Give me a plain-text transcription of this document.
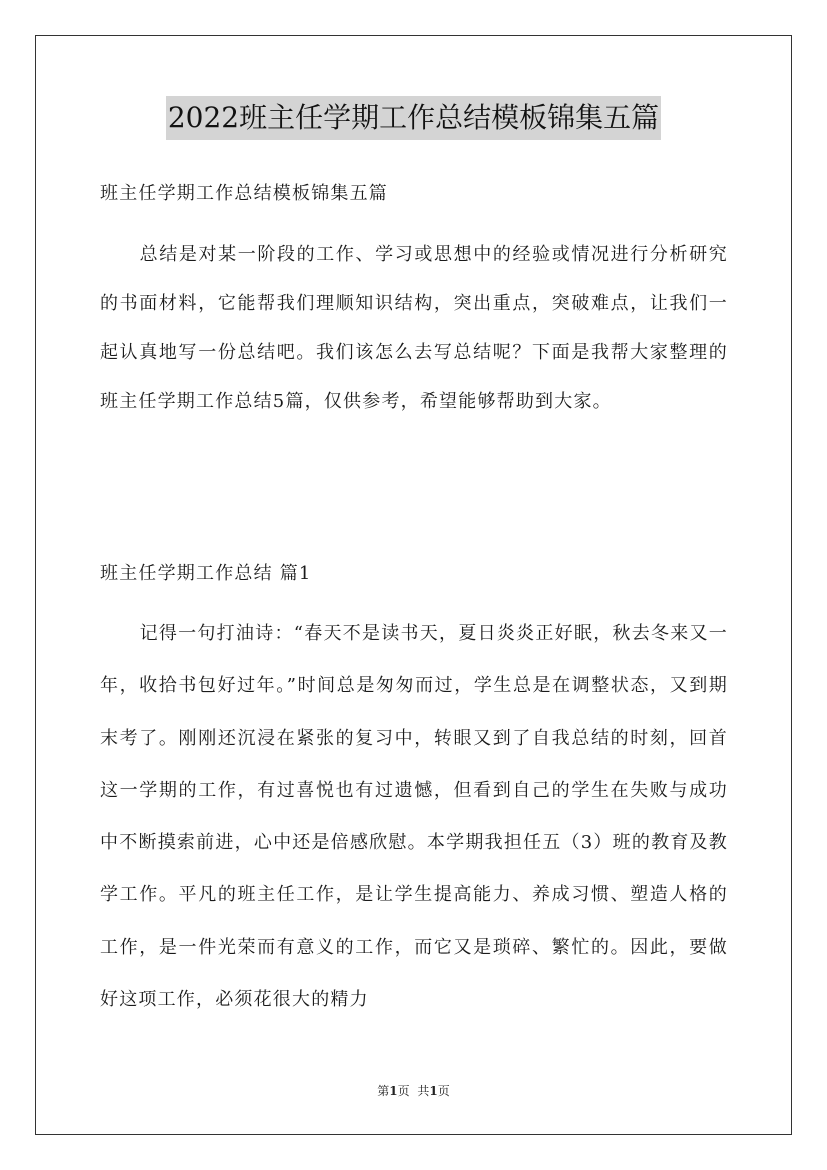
2022班主任学期工作总结模板锦集五篇
班主任学期工作总结模板锦集五篇
总结是对某一阶段的工作、学习或思想中的经验或情况进行分析研究的书面材料，它能帮我们理顺知识结构，突出重点，突破难点，让我们一起认真地写一份总结吧。我们该怎么去写总结呢？下面是我帮大家整理的班主任学期工作总结5篇，仅供参考，希望能够帮助到大家。
班主任学期工作总结 篇1
记得一句打油诗：“春天不是读书天，夏日炎炎正好眠，秋去冬来又一年，收拾书包好过年。”时间总是匆匆而过，学生总是在调整状态，又到期末考了。刚刚还沉浸在紧张的复习中，转眼又到了自我总结的时刻，回首这一学期的工作，有过喜悦也有过遗憾，但看到自己的学生在失败与成功中不断摸索前进，心中还是倍感欣慰。本学期我担任五（3）班的教育及教学工作。平凡的班主任工作，是让学生提高能力、养成习惯、塑造人格的工作，是一件光荣而有意义的工作，而它又是琐碎、繁忙的。因此，要做好这项工作，必须花很大的精力
第1页 共1页
